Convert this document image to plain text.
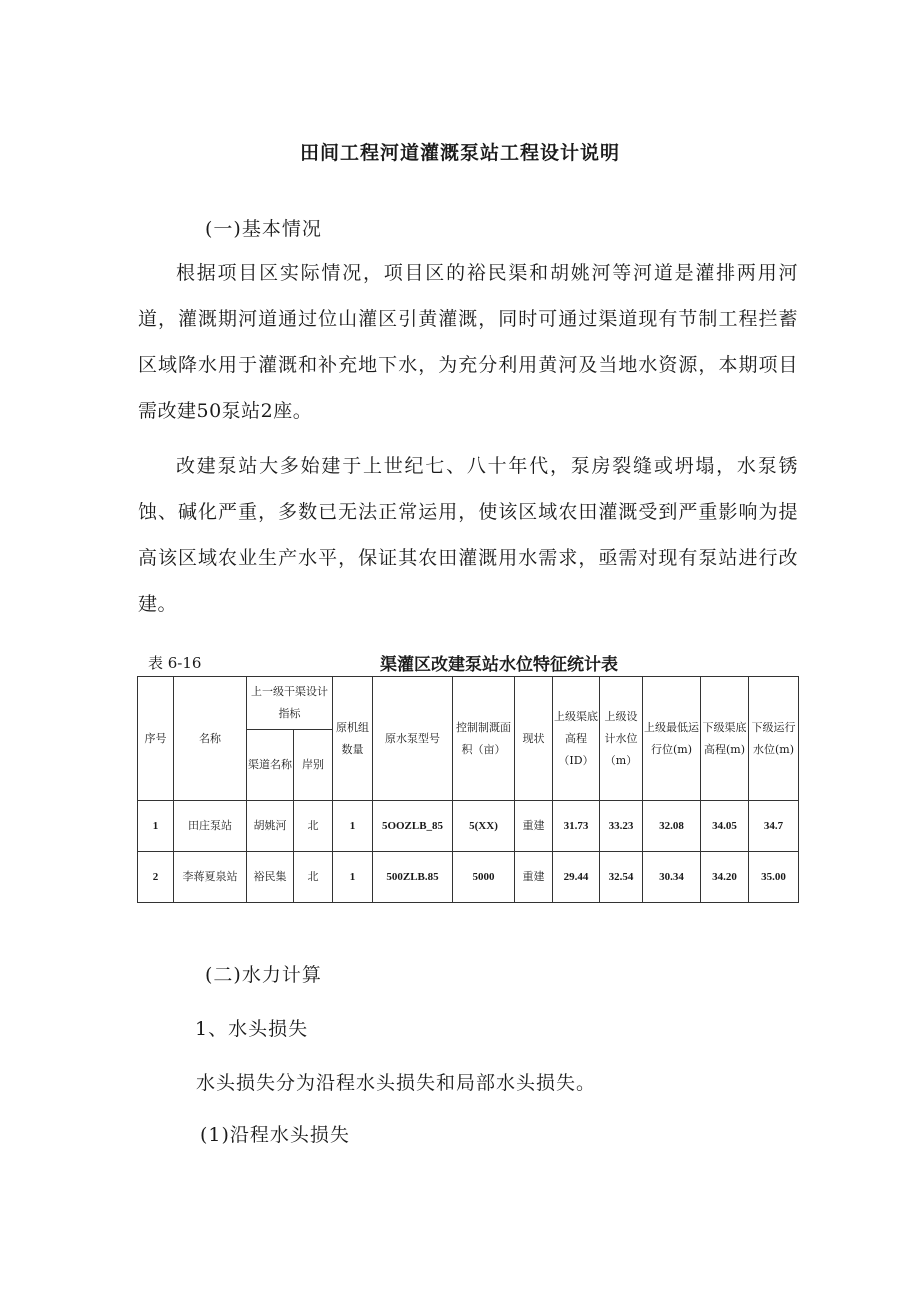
田间工程河道灌溉泵站工程设计说明
(一)基本情况

根据项目区实际情况，项目区的裕民渠和胡姚河等河道是灌排两用河道，灌溉期河道通过位山灌区引黄灌溉，同时可通过渠道现有节制工程拦蓄区域降水用于灌溉和补充地下水，为充分利用黄河及当地水资源，本期项目需改建50泵站2座。

改建泵站大多始建于上世纪七、八十年代，泵房裂缝或坍塌，水泵锈蚀、碱化严重，多数已无法正常运用，使该区域农田灌溉受到严重影响为提高该区域农业生产水平，保证其农田灌溉用水需求，亟需对现有泵站进行改建。

表 6-16	渠灌区改建泵站水位特征统计表
序号	名称	上一级干渠设计指标		原机组数量	原水泵型号	控制制溉面积（亩）	现状	上级渠底高程（ID）	上级设计水位（m）	上级最低运行位(m)	下级渠底高程(m)	下级运行水位(m)
		渠道名称	岸别									
1	田庄泵站	胡姚河	北	1	5OOZLB_85	5(XX)	重建	31.73	33.23	32.08	34.05	34.7
2	李蒋夏泉站	裕民集	北	1	500ZLB.85	5000	重建	29.44	32.54	30.34	34.20	35.00
(二)水力计算
1、水头损失
水头损失分为沿程水头损失和局部水头损失。
(1)沿程水头损失
